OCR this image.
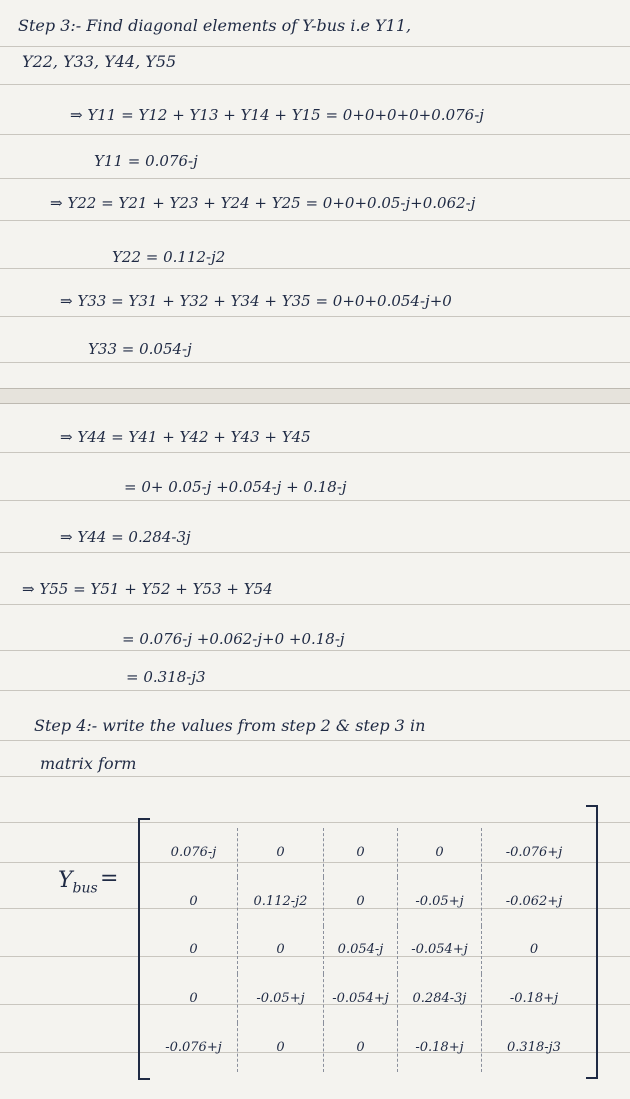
Step 3:- Find diagonal elements of Y-bus i.e Y11,
Y22, Y33, Y44, Y55
⇒ Y11 = Y12 + Y13 + Y14 + Y15 = 0+0+0+0+0.076-j
Y11 = 0.076-j
⇒ Y22 = Y21 + Y23 + Y24 + Y25 = 0+0+0.05-j+0.062-j
Y22 = 0.112-j2
⇒ Y33 = Y31 + Y32 + Y34 + Y35 = 0+0+0.054-j+0
Y33 = 0.054-j
⇒ Y44 = Y41 + Y42 + Y43 + Y45
= 0+ 0.05-j +0.054-j + 0.18-j
⇒ Y44 = 0.284-3j
⇒ Y55 = Y51 + Y52 + Y53 + Y54
= 0.076-j +0.062-j+0 +0.18-j
= 0.318-j3
Step 4:- write the values from step 2 & step 3 in
matrix form
$Y_{bus}$ =
0.076-j	0	0	0	-0.076+j
0	0.112-j2	0	-0.05+j	-0.062+j
0	0	0.054-j	-0.054+j	0
0	-0.05+j	-0.054+j	0.284-3j	-0.18+j
-0.076+j	0	0	-0.18+j	0.318-j3
